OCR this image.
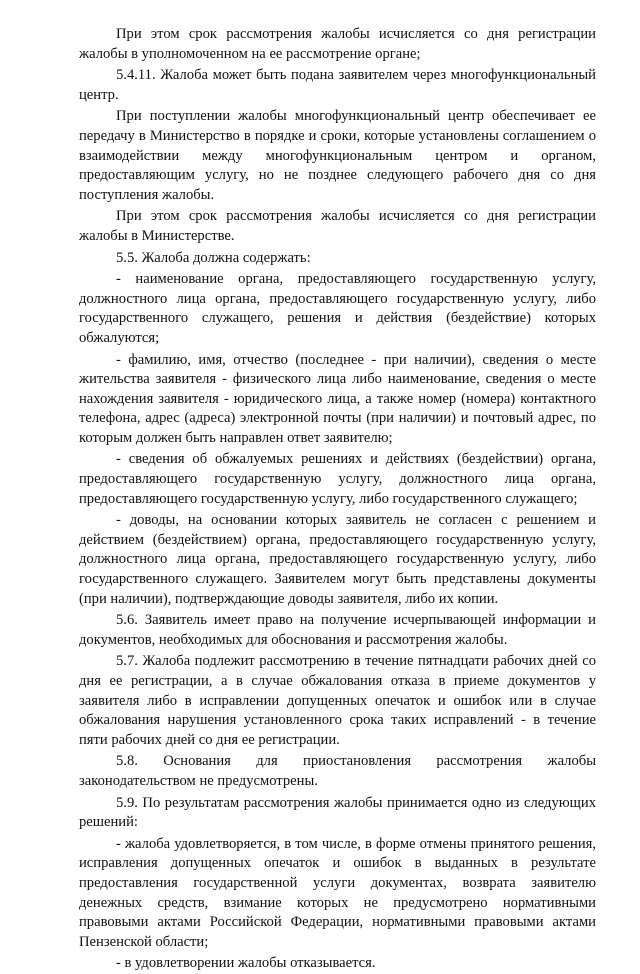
При этом срок рассмотрения жалобы исчисляется со дня регистрации жалобы в уполномоченном на ее рассмотрение органе;

5.4.11. Жалоба может быть подана заявителем через многофункциональный центр.

При поступлении жалобы многофункциональный центр обеспечивает ее передачу в Министерство в порядке и сроки, которые установлены соглашением о взаимодействии между многофункциональным центром и органом, предоставляющим услугу, но не позднее следующего рабочего дня со дня поступления жалобы.

При этом срок рассмотрения жалобы исчисляется со дня регистрации жалобы в Министерстве.

5.5. Жалоба должна содержать:

- наименование органа, предоставляющего государственную услугу, должностного лица органа, предоставляющего государственную услугу, либо государственного служащего, решения и действия (бездействие) которых обжалуются;

- фамилию, имя, отчество (последнее - при наличии), сведения о месте жительства заявителя - физического лица либо наименование, сведения о месте нахождения заявителя - юридического лица, а также номер (номера) контактного телефона, адрес (адреса) электронной почты (при наличии) и почтовый адрес, по которым должен быть направлен ответ заявителю;

- сведения об обжалуемых решениях и действиях (бездействии) органа, предоставляющего государственную услугу, должностного лица органа, предоставляющего государственную услугу, либо государственного служащего;

- доводы, на основании которых заявитель не согласен с решением и действием (бездействием) органа, предоставляющего государственную услугу, должностного лица органа, предоставляющего государственную услугу, либо государственного служащего. Заявителем могут быть представлены документы (при наличии), подтверждающие доводы заявителя, либо их копии.

5.6. Заявитель имеет право на получение исчерпывающей информации и документов, необходимых для обоснования и рассмотрения жалобы.

5.7. Жалоба подлежит рассмотрению в течение пятнадцати рабочих дней со дня ее регистрации, а в случае обжалования отказа в приеме документов у заявителя либо в исправлении допущенных опечаток и ошибок или в случае обжалования нарушения установленного срока таких исправлений - в течение пяти рабочих дней со дня ее регистрации.

5.8. Основания для приостановления рассмотрения жалобы законодательством не предусмотрены.

5.9. По результатам рассмотрения жалобы принимается одно из следующих решений:

- жалоба удовлетворяется, в том числе, в форме отмены принятого решения, исправления допущенных опечаток и ошибок в выданных в результате предоставления государственной услуги документах, возврата заявителю денежных средств, взимание которых не предусмотрено нормативными правовыми актами Российской Федерации, нормативными правовыми актами Пензенской области;

- в удовлетворении жалобы отказывается.
